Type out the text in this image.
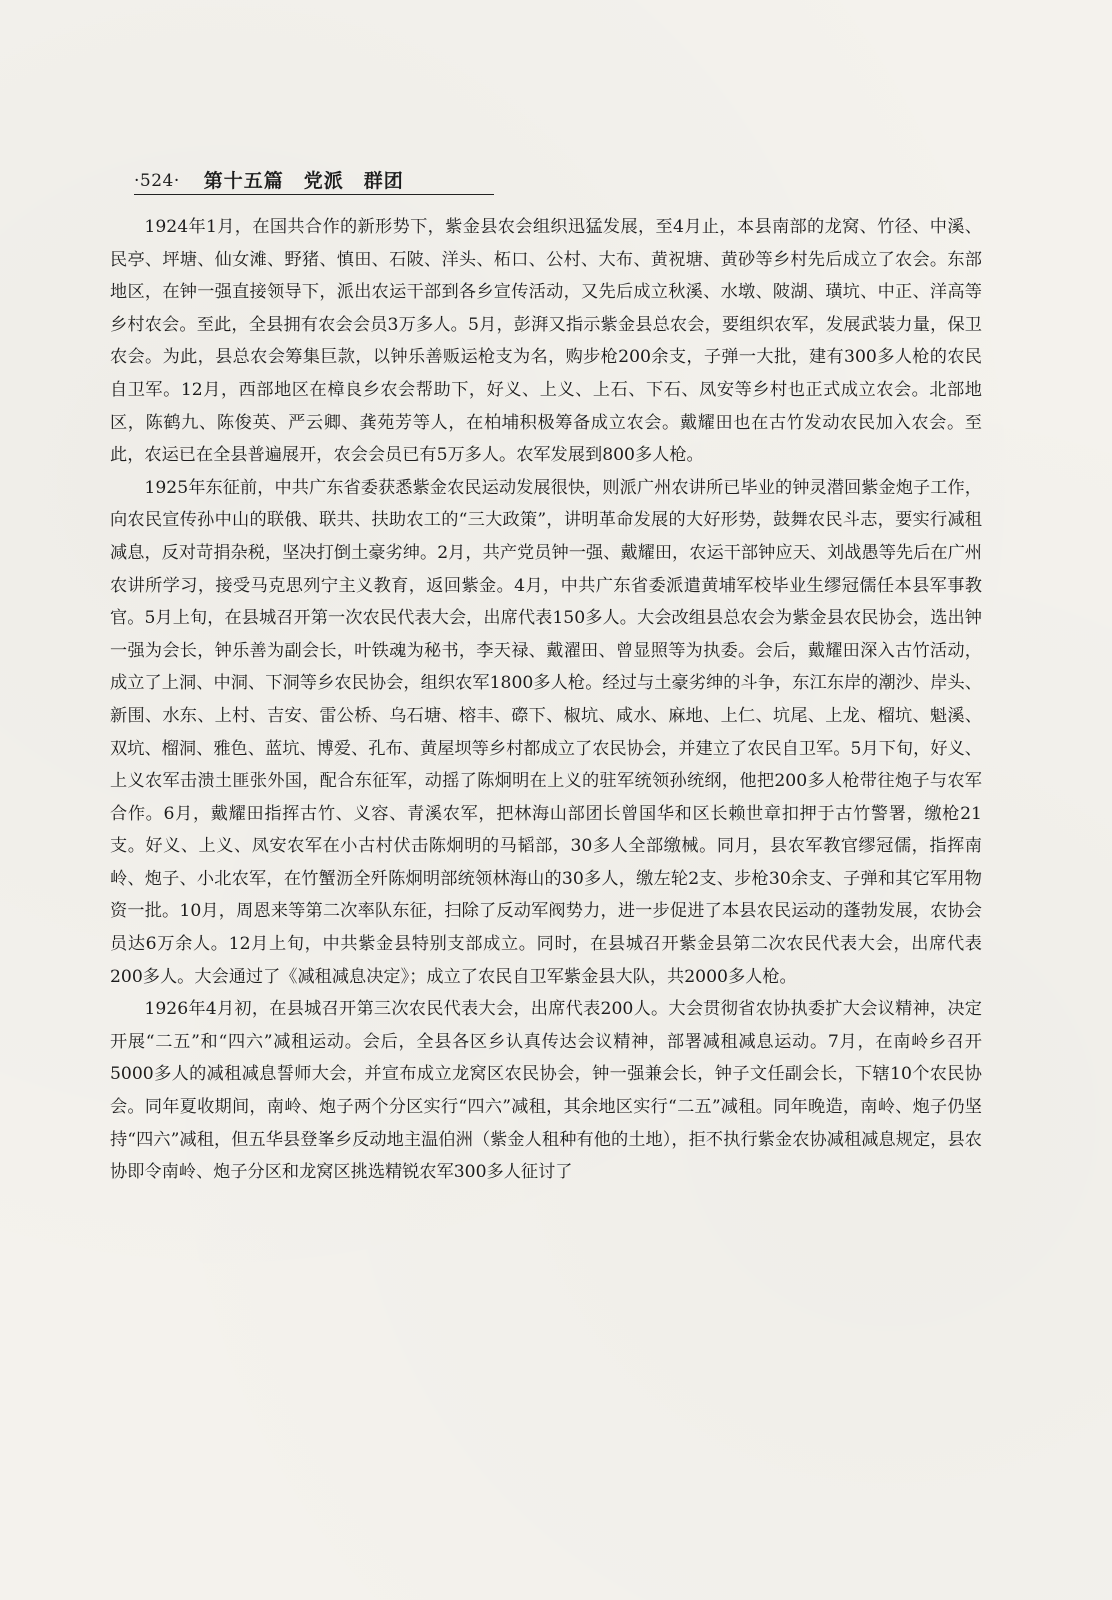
·524· 第十五篇　党派　群团

1924年1月，在国共合作的新形势下，紫金县农会组织迅猛发展，至4月止，本县南部的龙窝、竹径、中溪、民亭、坪塘、仙女滩、野猪、慎田、石陂、洋头、柘口、公村、大布、黄祝塘、黄砂等乡村先后成立了农会。东部地区，在钟一强直接领导下，派出农运干部到各乡宣传活动，又先后成立秋溪、水墩、陂湖、璜坑、中正、洋高等乡村农会。至此，全县拥有农会会员3万多人。5月，彭湃又指示紫金县总农会，要组织农军，发展武装力量，保卫农会。为此，县总农会筹集巨款，以钟乐善贩运枪支为名，购步枪200余支，子弹一大批，建有300多人枪的农民自卫军。12月，西部地区在樟良乡农会帮助下，好义、上义、上石、下石、凤安等乡村也正式成立农会。北部地区，陈鹤九、陈俊英、严云卿、龚苑芳等人，在柏埔积极筹备成立农会。戴耀田也在古竹发动农民加入农会。至此，农运已在全县普遍展开，农会会员已有5万多人。农军发展到800多人枪。

1925年东征前，中共广东省委获悉紫金农民运动发展很快，则派广州农讲所已毕业的钟灵潜回紫金炮子工作，向农民宣传孙中山的联俄、联共、扶助农工的“三大政策”，讲明革命发展的大好形势，鼓舞农民斗志，要实行减租减息，反对苛捐杂税，坚决打倒土豪劣绅。2月，共产党员钟一强、戴耀田，农运干部钟应天、刘战愚等先后在广州农讲所学习，接受马克思列宁主义教育，返回紫金。4月，中共广东省委派遣黄埔军校毕业生缪冠儒任本县军事教官。5月上旬，在县城召开第一次农民代表大会，出席代表150多人。大会改组县总农会为紫金县农民协会，选出钟一强为会长，钟乐善为副会长，叶铁魂为秘书，李天禄、戴濯田、曾显照等为执委。会后，戴耀田深入古竹活动，成立了上洞、中洞、下洞等乡农民协会，组织农军1800多人枪。经过与土豪劣绅的斗争，东江东岸的潮沙、岸头、新围、水东、上村、吉安、雷公桥、乌石塘、榕丰、磜下、椒坑、咸水、麻地、上仁、坑尾、上龙、榴坑、魁溪、双坑、榴洞、雅色、蓝坑、博爱、孔布、黄屋坝等乡村都成立了农民协会，并建立了农民自卫军。5月下旬，好义、上义农军击溃土匪张外国，配合东征军，动摇了陈炯明在上义的驻军统领孙统纲，他把200多人枪带往炮子与农军合作。6月，戴耀田指挥古竹、义容、青溪农军，把林海山部团长曾国华和区长赖世章扣押于古竹警署，缴枪21支。好义、上义、凤安农军在小古村伏击陈炯明的马韬部，30多人全部缴械。同月，县农军教官缪冠儒，指挥南岭、炮子、小北农军，在竹蟹沥全歼陈炯明部统领林海山的30多人，缴左轮2支、步枪30余支、子弹和其它军用物资一批。10月，周恩来等第二次率队东征，扫除了反动军阀势力，进一步促进了本县农民运动的蓬勃发展，农协会员达6万余人。12月上旬，中共紫金县特别支部成立。同时，在县城召开紫金县第二次农民代表大会，出席代表200多人。大会通过了《减租减息决定》；成立了农民自卫军紫金县大队，共2000多人枪。

1926年4月初，在县城召开第三次农民代表大会，出席代表200人。大会贯彻省农协执委扩大会议精神，决定开展“二五”和“四六”减租运动。会后，全县各区乡认真传达会议精神，部署减租减息运动。7月，在南岭乡召开5000多人的减租减息誓师大会，并宣布成立龙窝区农民协会，钟一强兼会长，钟子文任副会长，下辖10个农民协会。同年夏收期间，南岭、炮子两个分区实行“四六”减租，其余地区实行“二五”减租。同年晚造，南岭、炮子仍坚持“四六”减租，但五华县登峯乡反动地主温伯洲（紫金人租种有他的土地），拒不执行紫金农协减租减息规定，县农协即令南岭、炮子分区和龙窝区挑选精锐农军300多人征讨了
